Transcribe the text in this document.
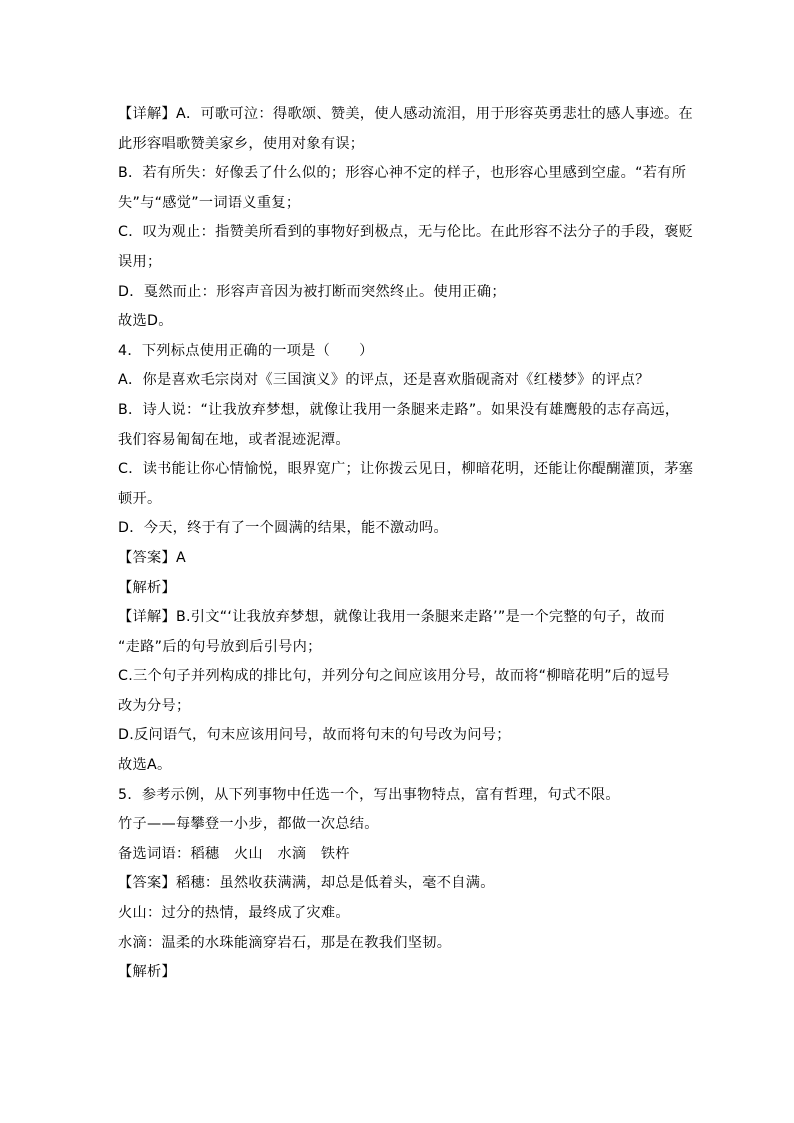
【详解】A．可歌可泣：得歌颂、赞美，使人感动流泪，用于形容英勇悲壮的感人事迹。在
此形容唱歌赞美家乡，使用对象有误；
B．若有所失：好像丢了什么似的；形容心神不定的样子，也形容心里感到空虚。“若有所
失”与“感觉”一词语义重复；
C．叹为观止：指赞美所看到的事物好到极点，无与伦比。在此形容不法分子的手段，褒贬
误用；
D．戛然而止：形容声音因为被打断而突然终止。使用正确；
故选D。
4．下列标点使用正确的一项是（　　）
A．你是喜欢毛宗岗对《三国演义》的评点，还是喜欢脂砚斋对《红楼梦》的评点？
B．诗人说：“让我放弃梦想，就像让我用一条腿来走路”。如果没有雄鹰般的志存高远，
我们容易匍匐在地，或者混迹泥潭。
C．读书能让你心情愉悦，眼界宽广；让你拨云见日，柳暗花明，还能让你醍醐灌顶，茅塞
顿开。
D．今天，终于有了一个圆满的结果，能不激动吗。
【答案】A
【解析】
【详解】B.引文“‘让我放弃梦想，就像让我用一条腿来走路’”是一个完整的句子，故而
“走路”后的句号放到后引号内；
C.三个句子并列构成的排比句，并列分句之间应该用分号，故而将“柳暗花明”后的逗号
改为分号；
D.反问语气，句末应该用问号，故而将句末的句号改为问号；
故选A。
5．参考示例，从下列事物中任选一个，写出事物特点，富有哲理，句式不限。
竹子——每攀登一小步，都做一次总结。
备选词语：稻穗　火山　水滴　铁杵
【答案】稻穗：虽然收获满满，却总是低着头，毫不自满。
火山：过分的热情，最终成了灾难。
水滴：温柔的水珠能滴穿岩石，那是在教我们坚韧。
【解析】
